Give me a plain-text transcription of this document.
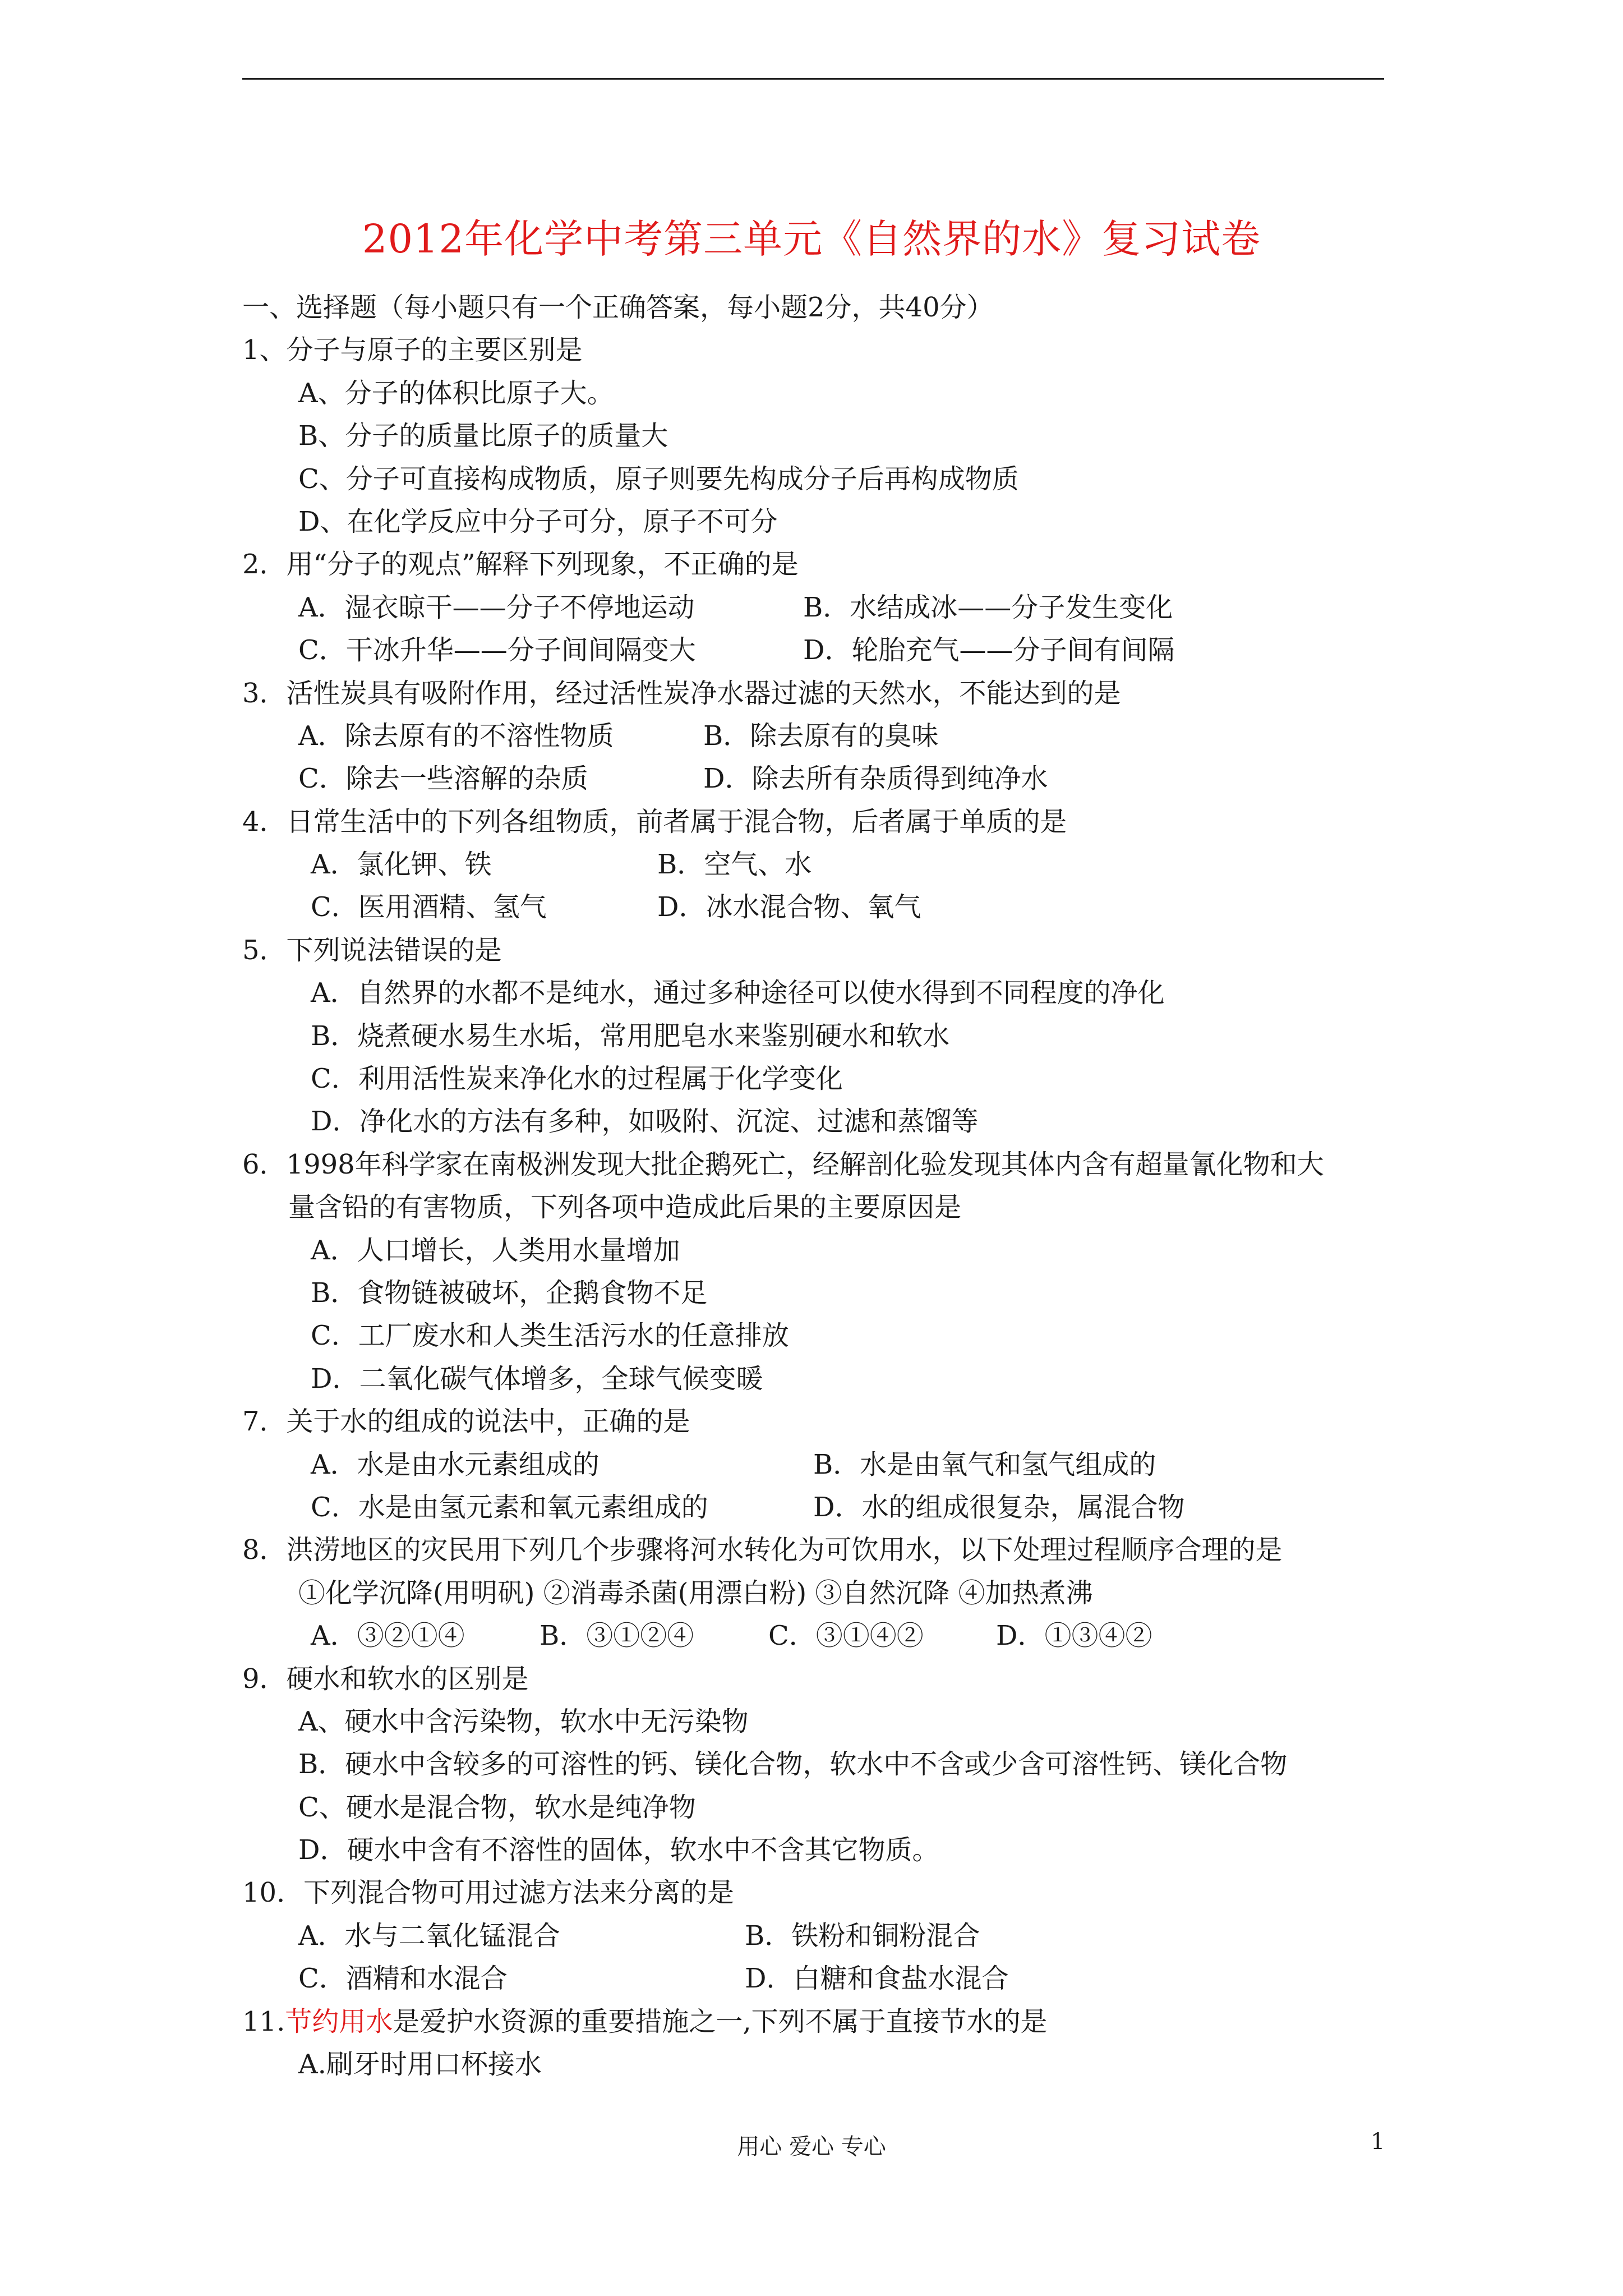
2012年化学中考第三单元《自然界的水》复习试卷
一、选择题（每小题只有一个正确答案，每小题2分，共40分）
1、分子与原子的主要区别是
A、分子的体积比原子大。
B、分子的质量比原子的质量大
C、分子可直接构成物质，原子则要先构成分子后再构成物质
D、在化学反应中分子可分，原子不可分
2．用“分子的观点”解释下列现象，不正确的是
A．湿衣晾干——分子不停地运动	B．水结成冰——分子发生变化
C．干冰升华——分子间间隔变大	D．轮胎充气——分子间有间隔
3．活性炭具有吸附作用，经过活性炭净水器过滤的天然水，不能达到的是
A．除去原有的不溶性物质	B．除去原有的臭味
C．除去一些溶解的杂质	D．除去所有杂质得到纯净水
4．日常生活中的下列各组物质，前者属于混合物，后者属于单质的是
A．氯化钾、铁	B．空气、水
C．医用酒精、氢气	D．冰水混合物、氧气
5．下列说法错误的是
A．自然界的水都不是纯水，通过多种途径可以使水得到不同程度的净化
B．烧煮硬水易生水垢，常用肥皂水来鉴别硬水和软水
C．利用活性炭来净化水的过程属于化学变化
D．净化水的方法有多种，如吸附、沉淀、过滤和蒸馏等
6．1998年科学家在南极洲发现大批企鹅死亡，经解剖化验发现其体内含有超量氰化物和大
量含铅的有害物质，下列各项中造成此后果的主要原因是
A．人口增长，人类用水量增加
B．食物链被破坏，企鹅食物不足
C．工厂废水和人类生活污水的任意排放
D．二氧化碳气体增多，全球气候变暖
7．关于水的组成的说法中，正确的是
A．水是由水元素组成的	B．水是由氧气和氢气组成的
C．水是由氢元素和氧元素组成的	D．水的组成很复杂，属混合物
8．洪涝地区的灾民用下列几个步骤将河水转化为可饮用水，以下处理过程顺序合理的是
①化学沉降(用明矾) ②消毒杀菌(用漂白粉) ③自然沉降 ④加热煮沸
A．③②①④	B．③①②④	C．③①④②	D．①③④②
9．硬水和软水的区别是
A、硬水中含污染物，软水中无污染物
B．硬水中含较多的可溶性的钙、镁化合物，软水中不含或少含可溶性钙、镁化合物
C、硬水是混合物，软水是纯净物
D．硬水中含有不溶性的固体，软水中不含其它物质。
10．下列混合物可用过滤方法来分离的是
A．水与二氧化锰混合	B．铁粉和铜粉混合
C．酒精和水混合	D．白糖和食盐水混合
11.节约用水是爱护水资源的重要措施之一,下列不属于直接节水的是
A.刷牙时用口杯接水
用心 爱心 专心	1
